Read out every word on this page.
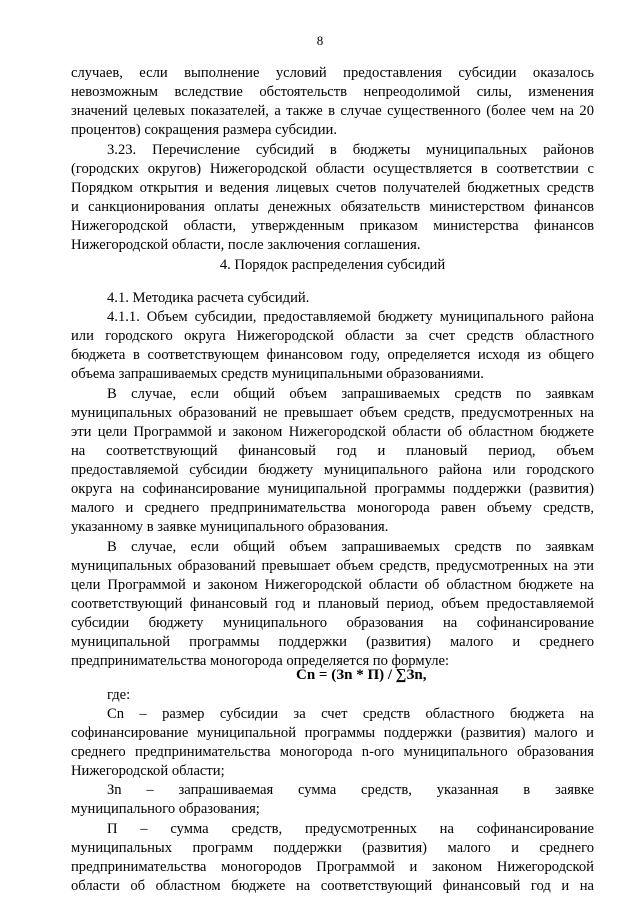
8
случаев, если выполнение условий предоставления субсидии оказалось
невозможным вследствие обстоятельств непреодолимой силы, изменения
значений целевых показателей, а также в случае существенного (более чем на 20
процентов) сокращения размера субсидии.
3.23. Перечисление субсидий в бюджеты муниципальных районов
(городских округов) Нижегородской области осуществляется в соответствии с
Порядком открытия и ведения лицевых счетов получателей бюджетных средств
и санкционирования оплаты денежных обязательств министерством финансов
Нижегородской области, утвержденным приказом министерства финансов
Нижегородской области, после заключения соглашения.
4. Порядок распределения субсидий
4.1. Методика расчета субсидий.
4.1.1. Объем субсидии, предоставляемой бюджету муниципального района
или городского округа Нижегородской области за счет средств областного
бюджета в соответствующем финансовом году, определяется исходя из общего
объема запрашиваемых средств муниципальными образованиями.
В случае, если общий объем запрашиваемых средств по заявкам
муниципальных образований не превышает объем средств, предусмотренных на
эти цели Программой и законом Нижегородской области об областном бюджете
на соответствующий финансовый год и плановый период, объем
предоставляемой субсидии бюджету муниципального района или городского
округа на софинансирование муниципальной программы поддержки (развития)
малого и среднего предпринимательства моногорода равен объему средств,
указанному в заявке муниципального образования.
В случае, если общий объем запрашиваемых средств по заявкам
муниципальных образований превышает объем средств, предусмотренных на эти
цели Программой и законом Нижегородской области об областном бюджете на
соответствующий финансовый год и плановый период, объем предоставляемой
субсидии бюджету муниципального образования на софинансирование
муниципальной программы поддержки (развития) малого и среднего
предпринимательства моногорода определяется по формуле:
где:
Сn – размер субсидии за счет средств областного бюджета на
софинансирование муниципальной программы поддержки (развития) малого и
среднего предпринимательства моногорода n-ого муниципального образования
Нижегородской области;
Зn – запрашиваемая сумма средств, указанная в заявке
муниципального образования;
П – сумма средств, предусмотренных на софинансирование
муниципальных программ поддержки (развития) малого и среднего
предпринимательства моногородов Программой и законом Нижегородской
области об областном бюджете на соответствующий финансовый год и на
Сn = (Зn * П) / ∑Зn,
